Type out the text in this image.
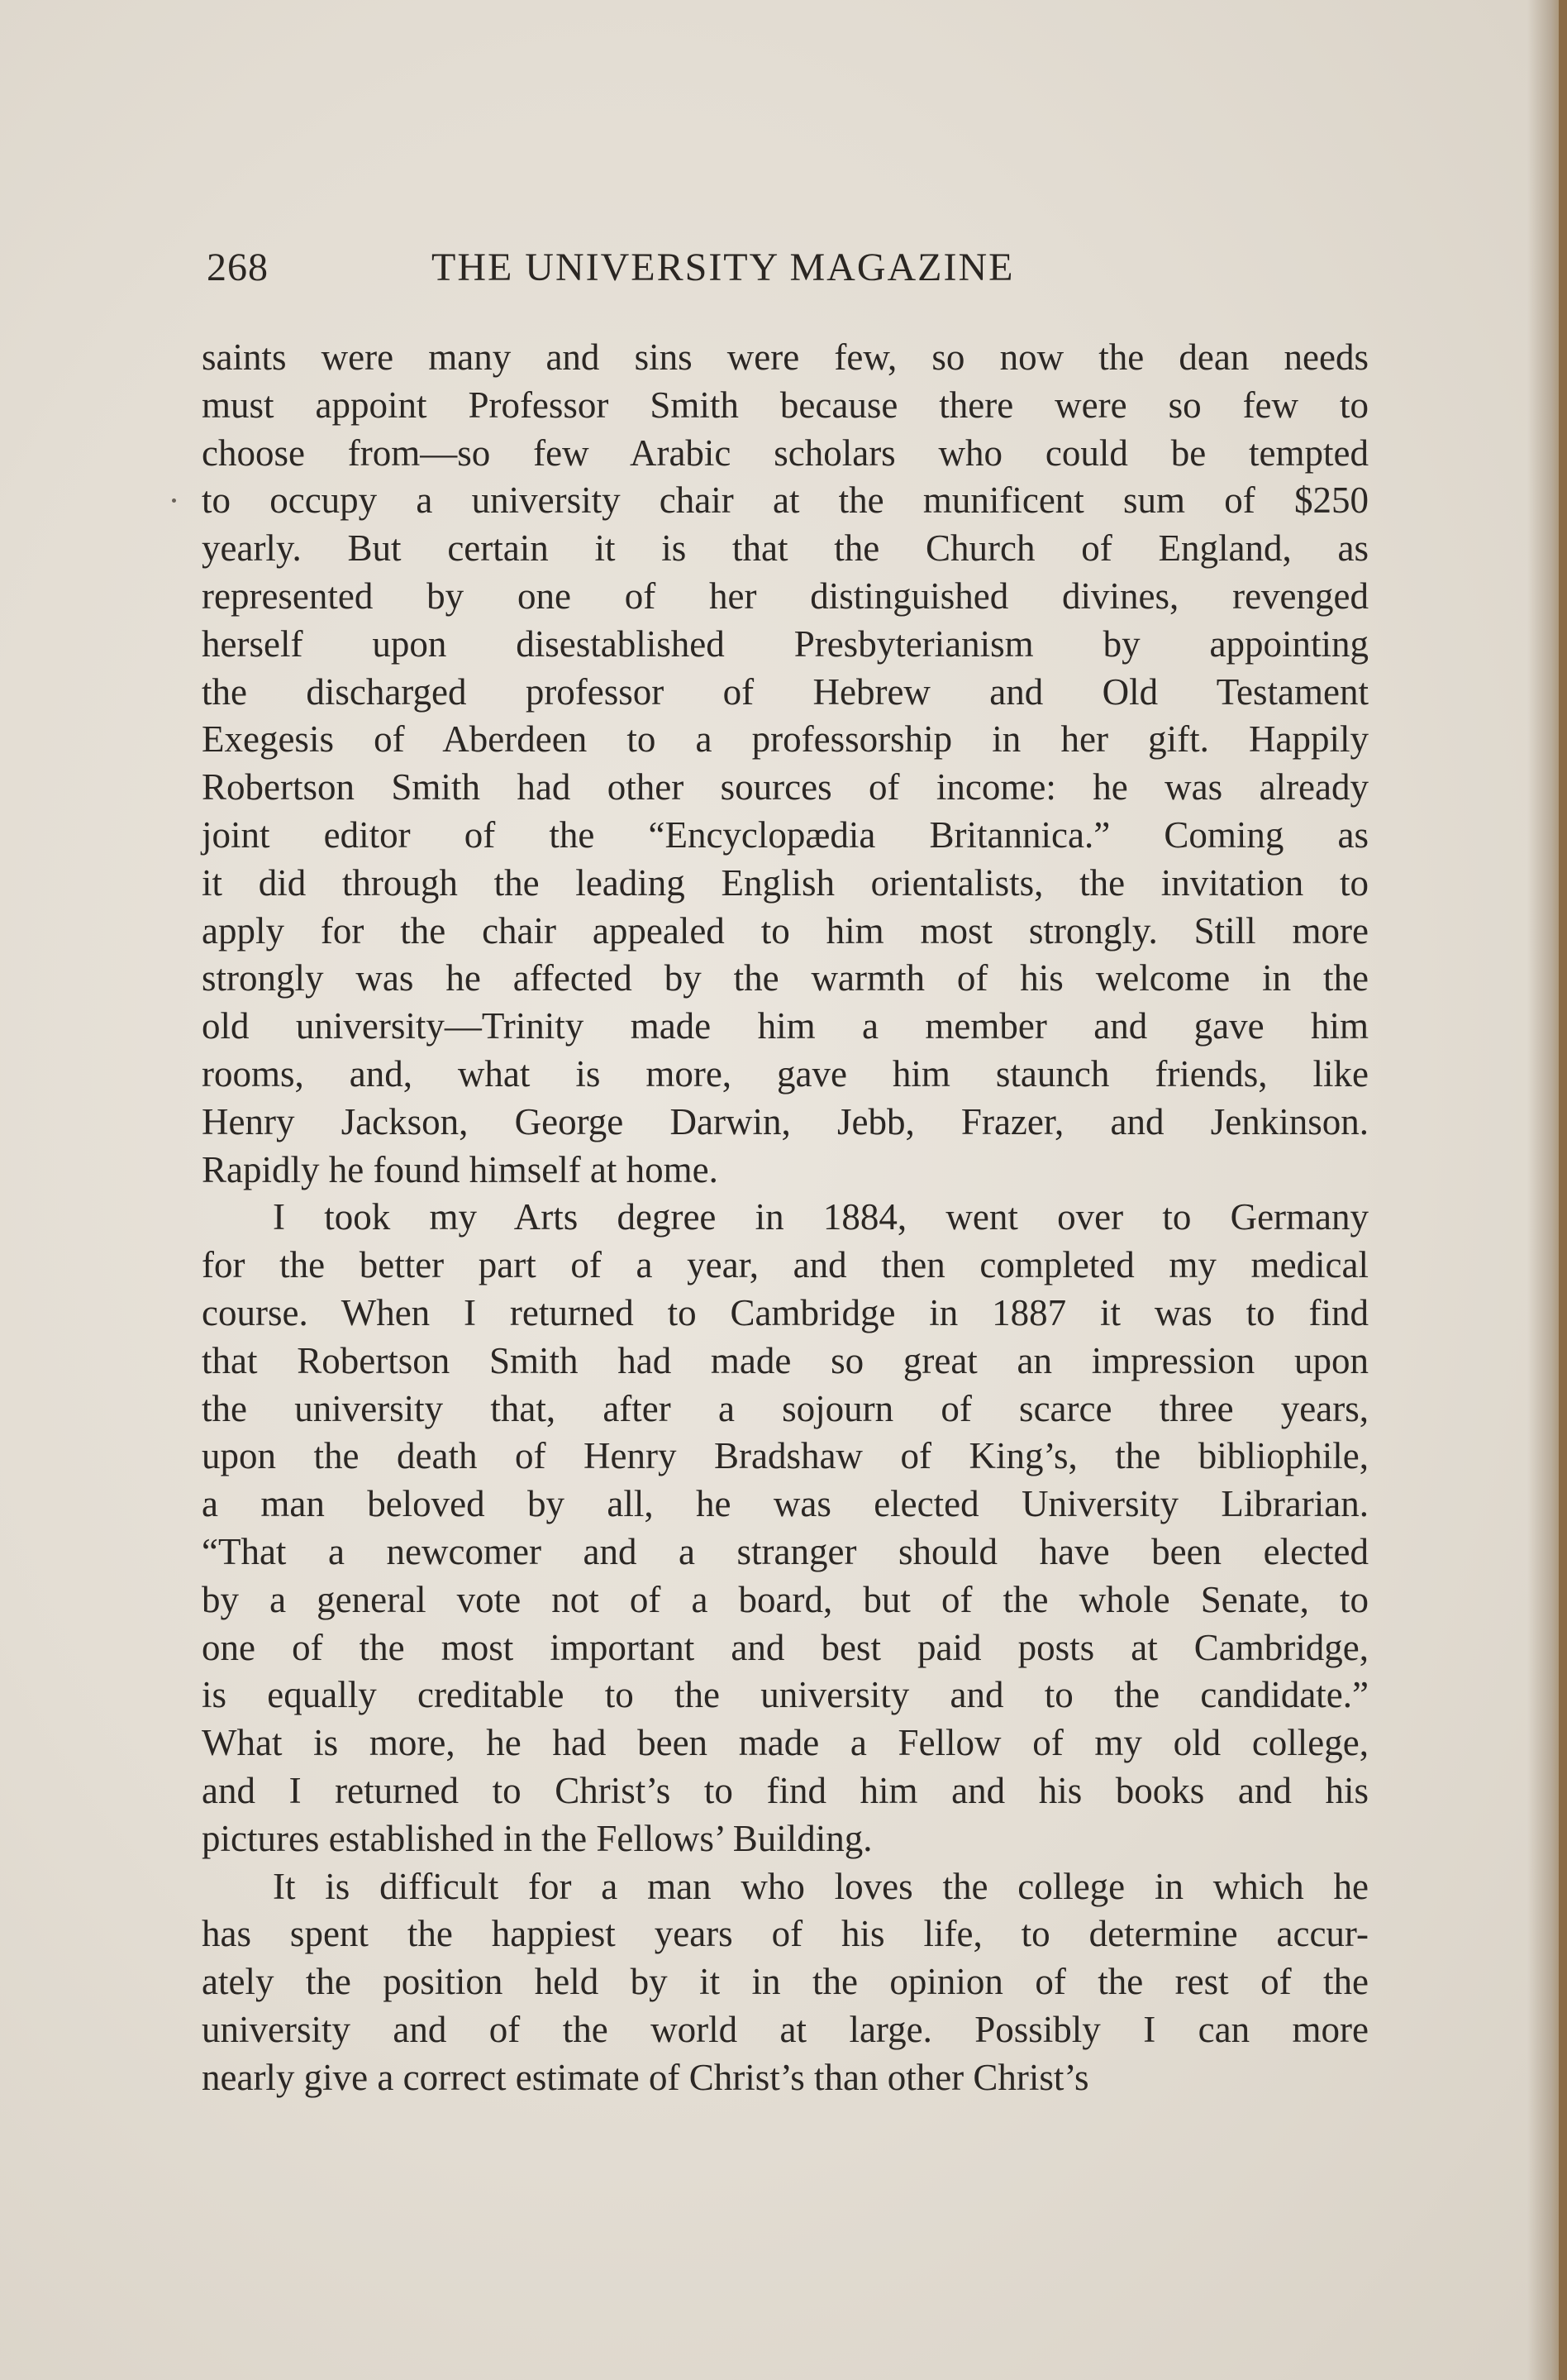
268	THE UNIVERSITY MAGAZINE
saints were many and sins were few, so now the dean needs
must appoint Professor Smith because there were so few to
choose from—so few Arabic scholars who could be tempted
to occupy a university chair at the munificent sum of $250
yearly. But certain it is that the Church of England, as
represented by one of her distinguished divines, revenged
herself upon disestablished Presbyterianism by appointing
the discharged professor of Hebrew and Old Testament
Exegesis of Aberdeen to a professorship in her gift. Happily
Robertson Smith had other sources of income: he was already
joint editor of the “Encyclopædia Britannica.” Coming as
it did through the leading English orientalists, the invitation to
apply for the chair appealed to him most strongly. Still more
strongly was he affected by the warmth of his welcome in the
old university—Trinity made him a member and gave him
rooms, and, what is more, gave him staunch friends, like
Henry Jackson, George Darwin, Jebb, Frazer, and Jenkinson.
Rapidly he found himself at home.
I took my Arts degree in 1884, went over to Germany
for the better part of a year, and then completed my medical
course. When I returned to Cambridge in 1887 it was to find
that Robertson Smith had made so great an impression upon
the university that, after a sojourn of scarce three years,
upon the death of Henry Bradshaw of King’s, the bibliophile,
a man beloved by all, he was elected University Librarian.
“That a newcomer and a stranger should have been elected
by a general vote not of a board, but of the whole Senate, to
one of the most important and best paid posts at Cambridge,
is equally creditable to the university and to the candidate.”
What is more, he had been made a Fellow of my old college,
and I returned to Christ’s to find him and his books and his
pictures established in the Fellows’ Building.
It is difficult for a man who loves the college in which he
has spent the happiest years of his life, to determine accur-
ately the position held by it in the opinion of the rest of the
university and of the world at large. Possibly I can more
nearly give a correct estimate of Christ’s than other Christ’s
